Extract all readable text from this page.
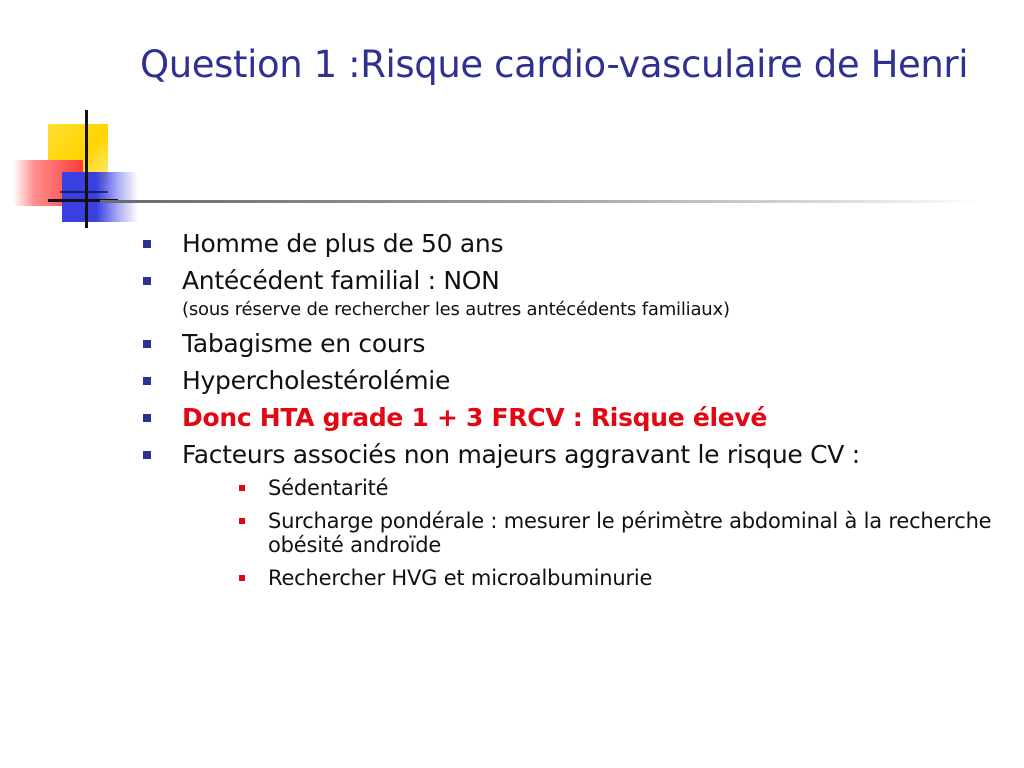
Question 1 :Risque cardio-vasculaire de Henri
Homme de plus de 50 ans
Antécédent familial : NON
(sous réserve de rechercher les autres antécédents familiaux)
Tabagisme en cours
Hypercholestérolémie
Donc HTA grade 1 + 3 FRCV : Risque élevé
Facteurs associés non majeurs aggravant le risque CV :
Sédentarité
Surcharge pondérale : mesurer le périmètre abdominal à la recherche obésité androïde
Rechercher HVG et microalbuminurie
